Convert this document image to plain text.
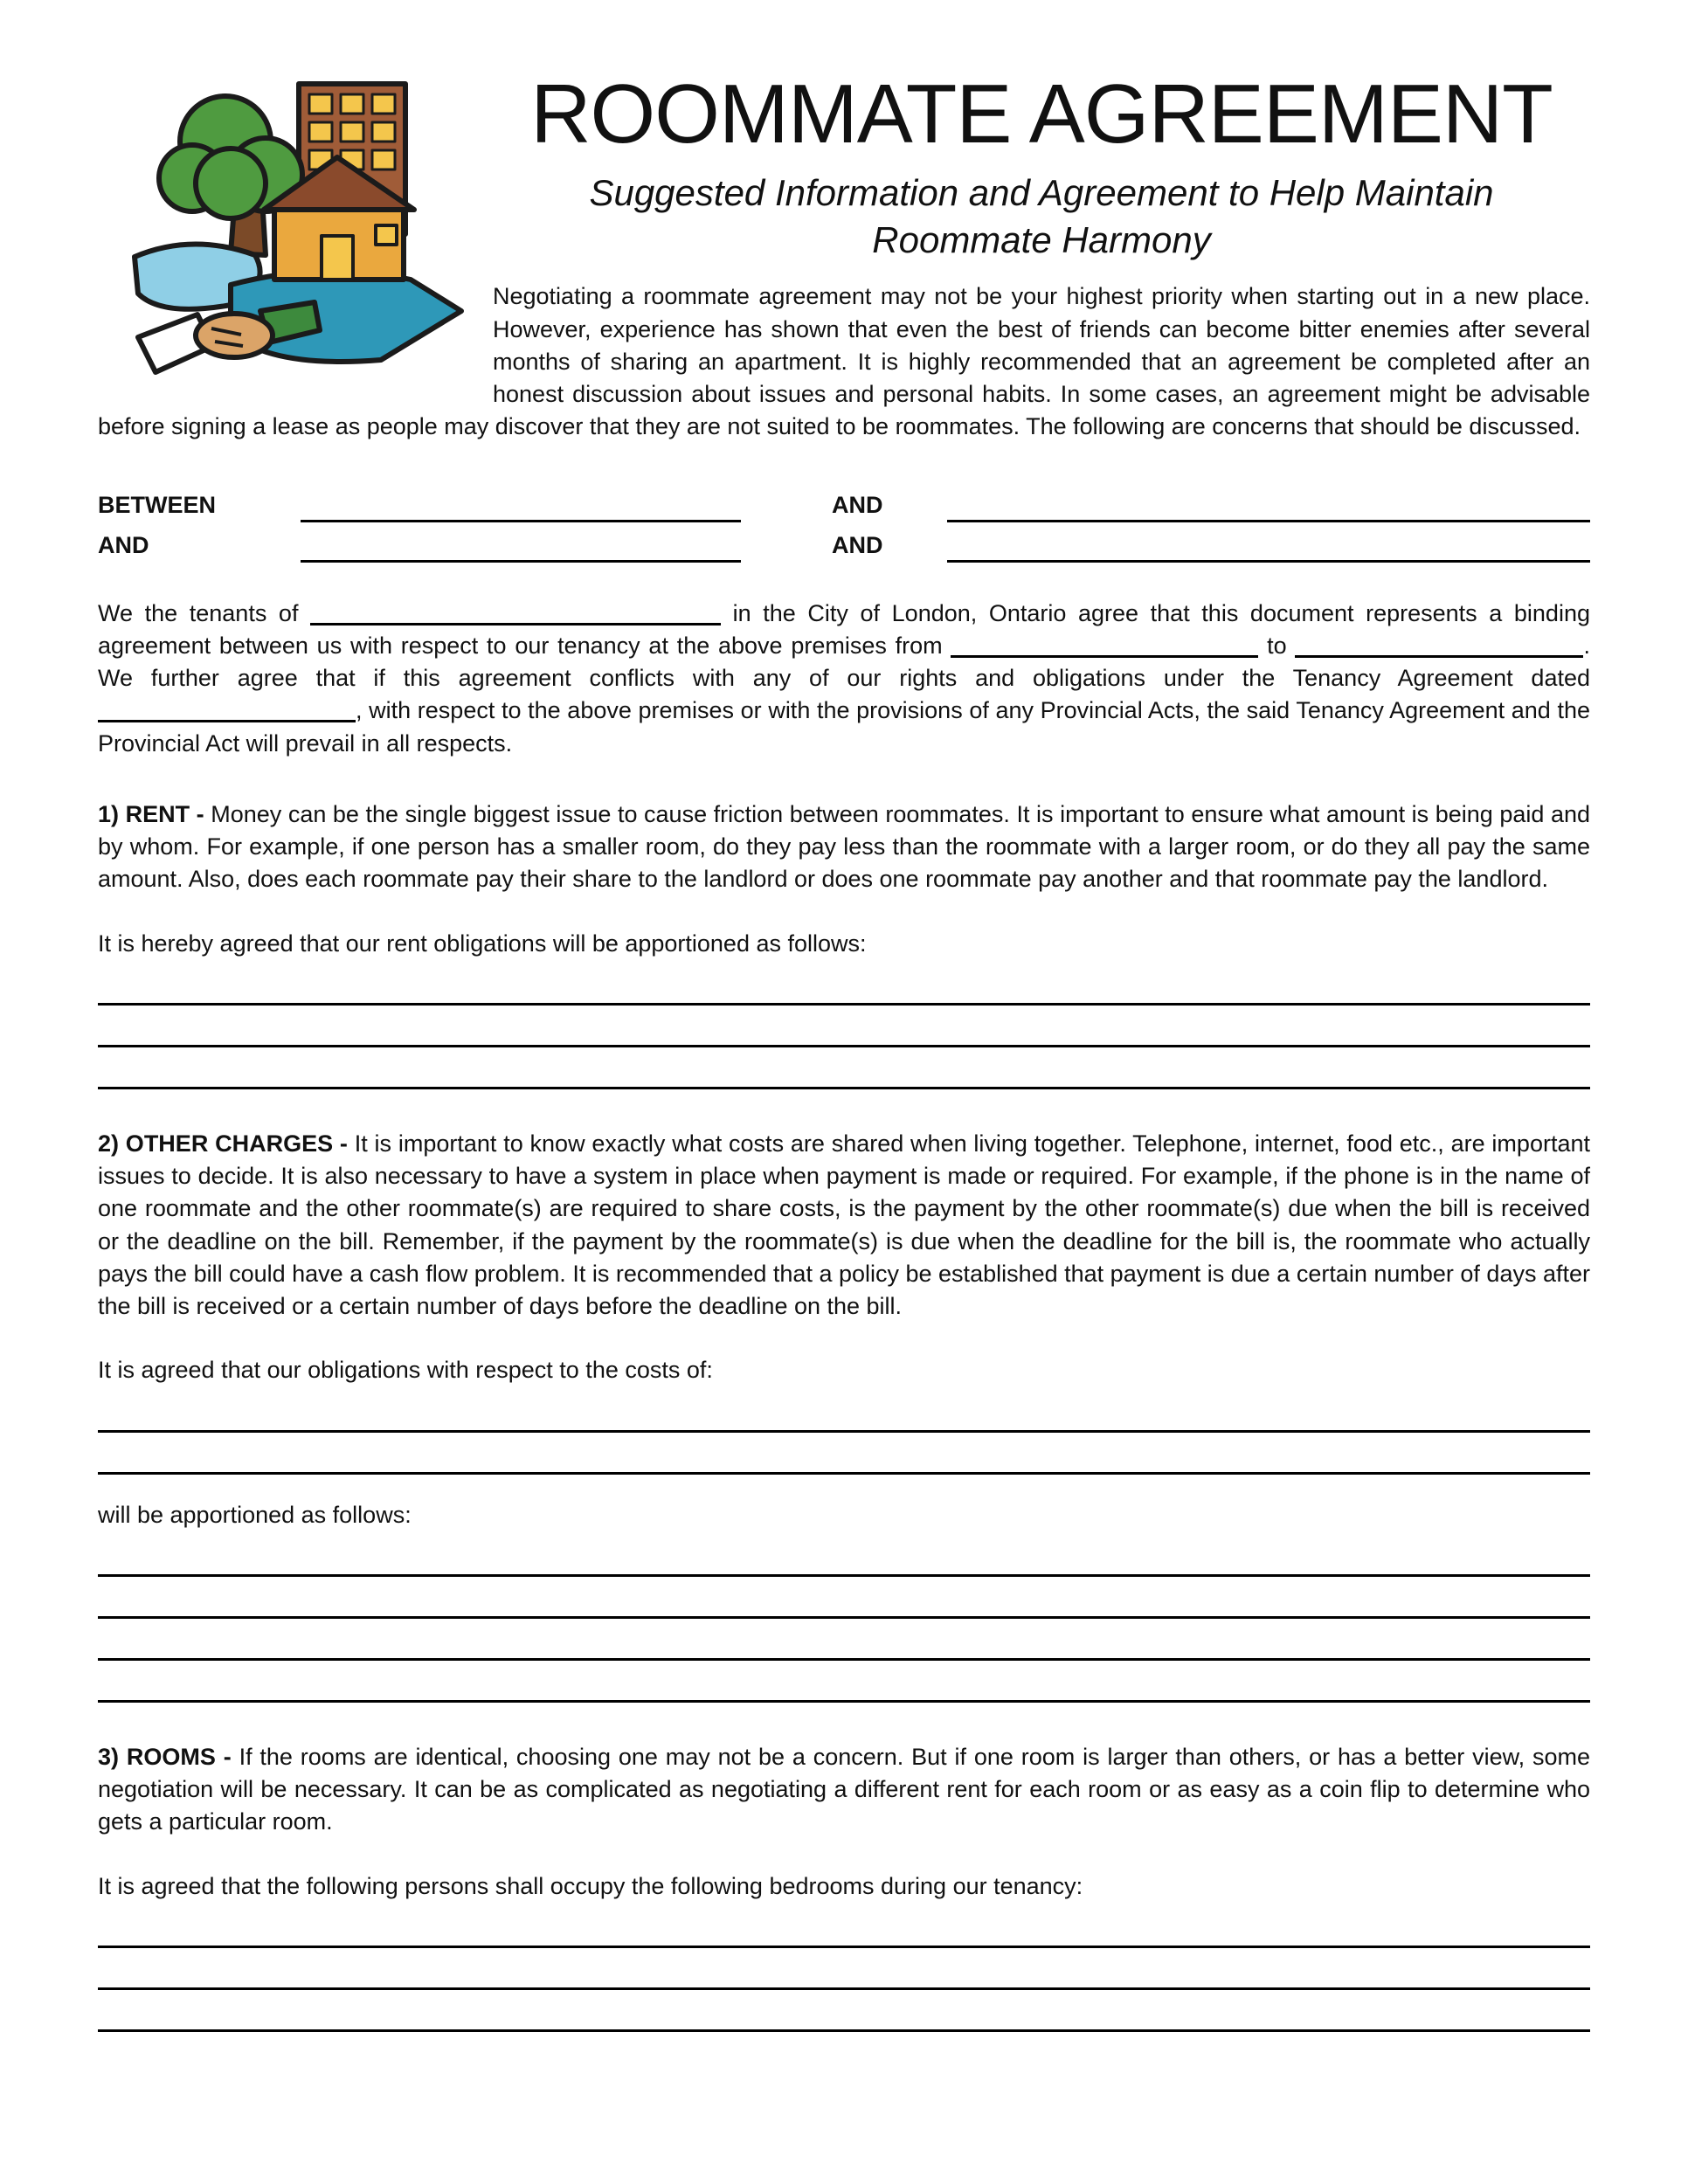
ROOMMATE AGREEMENT
Suggested Information and Agreement to Help Maintain
Roommate Harmony

Negotiating a roommate agreement may not be your highest priority when starting out in a new place. However, experience has shown that even the best of friends can become bitter enemies after several months of sharing an apartment. It is highly recommended that an agreement be completed after an honest discussion about issues and personal habits. In some cases, an agreement might be advisable before signing a lease as people may discover that they are not suited to be roommates. The following are concerns that should be discussed.

BETWEEN	AND
AND	AND

We the tenants of	in the City of London, Ontario agree that this document represents a binding agreement between us with respect to our tenancy at the above premises from	to	. We further agree that if this agreement conflicts with any of our rights and obligations under the Tenancy Agreement dated , with respect to the above premises or with the provisions of any Provincial Acts, the said Tenancy Agreement and the Provincial Act will prevail in all respects.

1) RENT - Money can be the single biggest issue to cause friction between roommates. It is important to ensure what amount is being paid and by whom. For example, if one person has a smaller room, do they pay less than the roommate with a larger room, or do they all pay the same amount. Also, does each roommate pay their share to the landlord or does one roommate pay another and that roommate pay the landlord.

It is hereby agreed that our rent obligations will be apportioned as follows:

2) OTHER CHARGES - It is important to know exactly what costs are shared when living together. Telephone, internet, food etc., are important issues to decide. It is also necessary to have a system in place when payment is made or required. For example, if the phone is in the name of one roommate and the other roommate(s) are required to share costs, is the payment by the other roommate(s) due when the bill is received or the deadline on the bill. Remember, if the payment by the roommate(s) is due when the deadline for the bill is, the roommate who actually pays the bill could have a cash flow problem. It is recommended that a policy be established that payment is due a certain number of days after the bill is received or a certain number of days before the deadline on the bill.

It is agreed that our obligations with respect to the costs of:

will be apportioned as follows:

3) ROOMS - If the rooms are identical, choosing one may not be a concern. But if one room is larger than others, or has a better view, some negotiation will be necessary. It can be as complicated as negotiating a different rent for each room or as easy as a coin flip to determine who gets a particular room.

It is agreed that the following persons shall occupy the following bedrooms during our tenancy:
